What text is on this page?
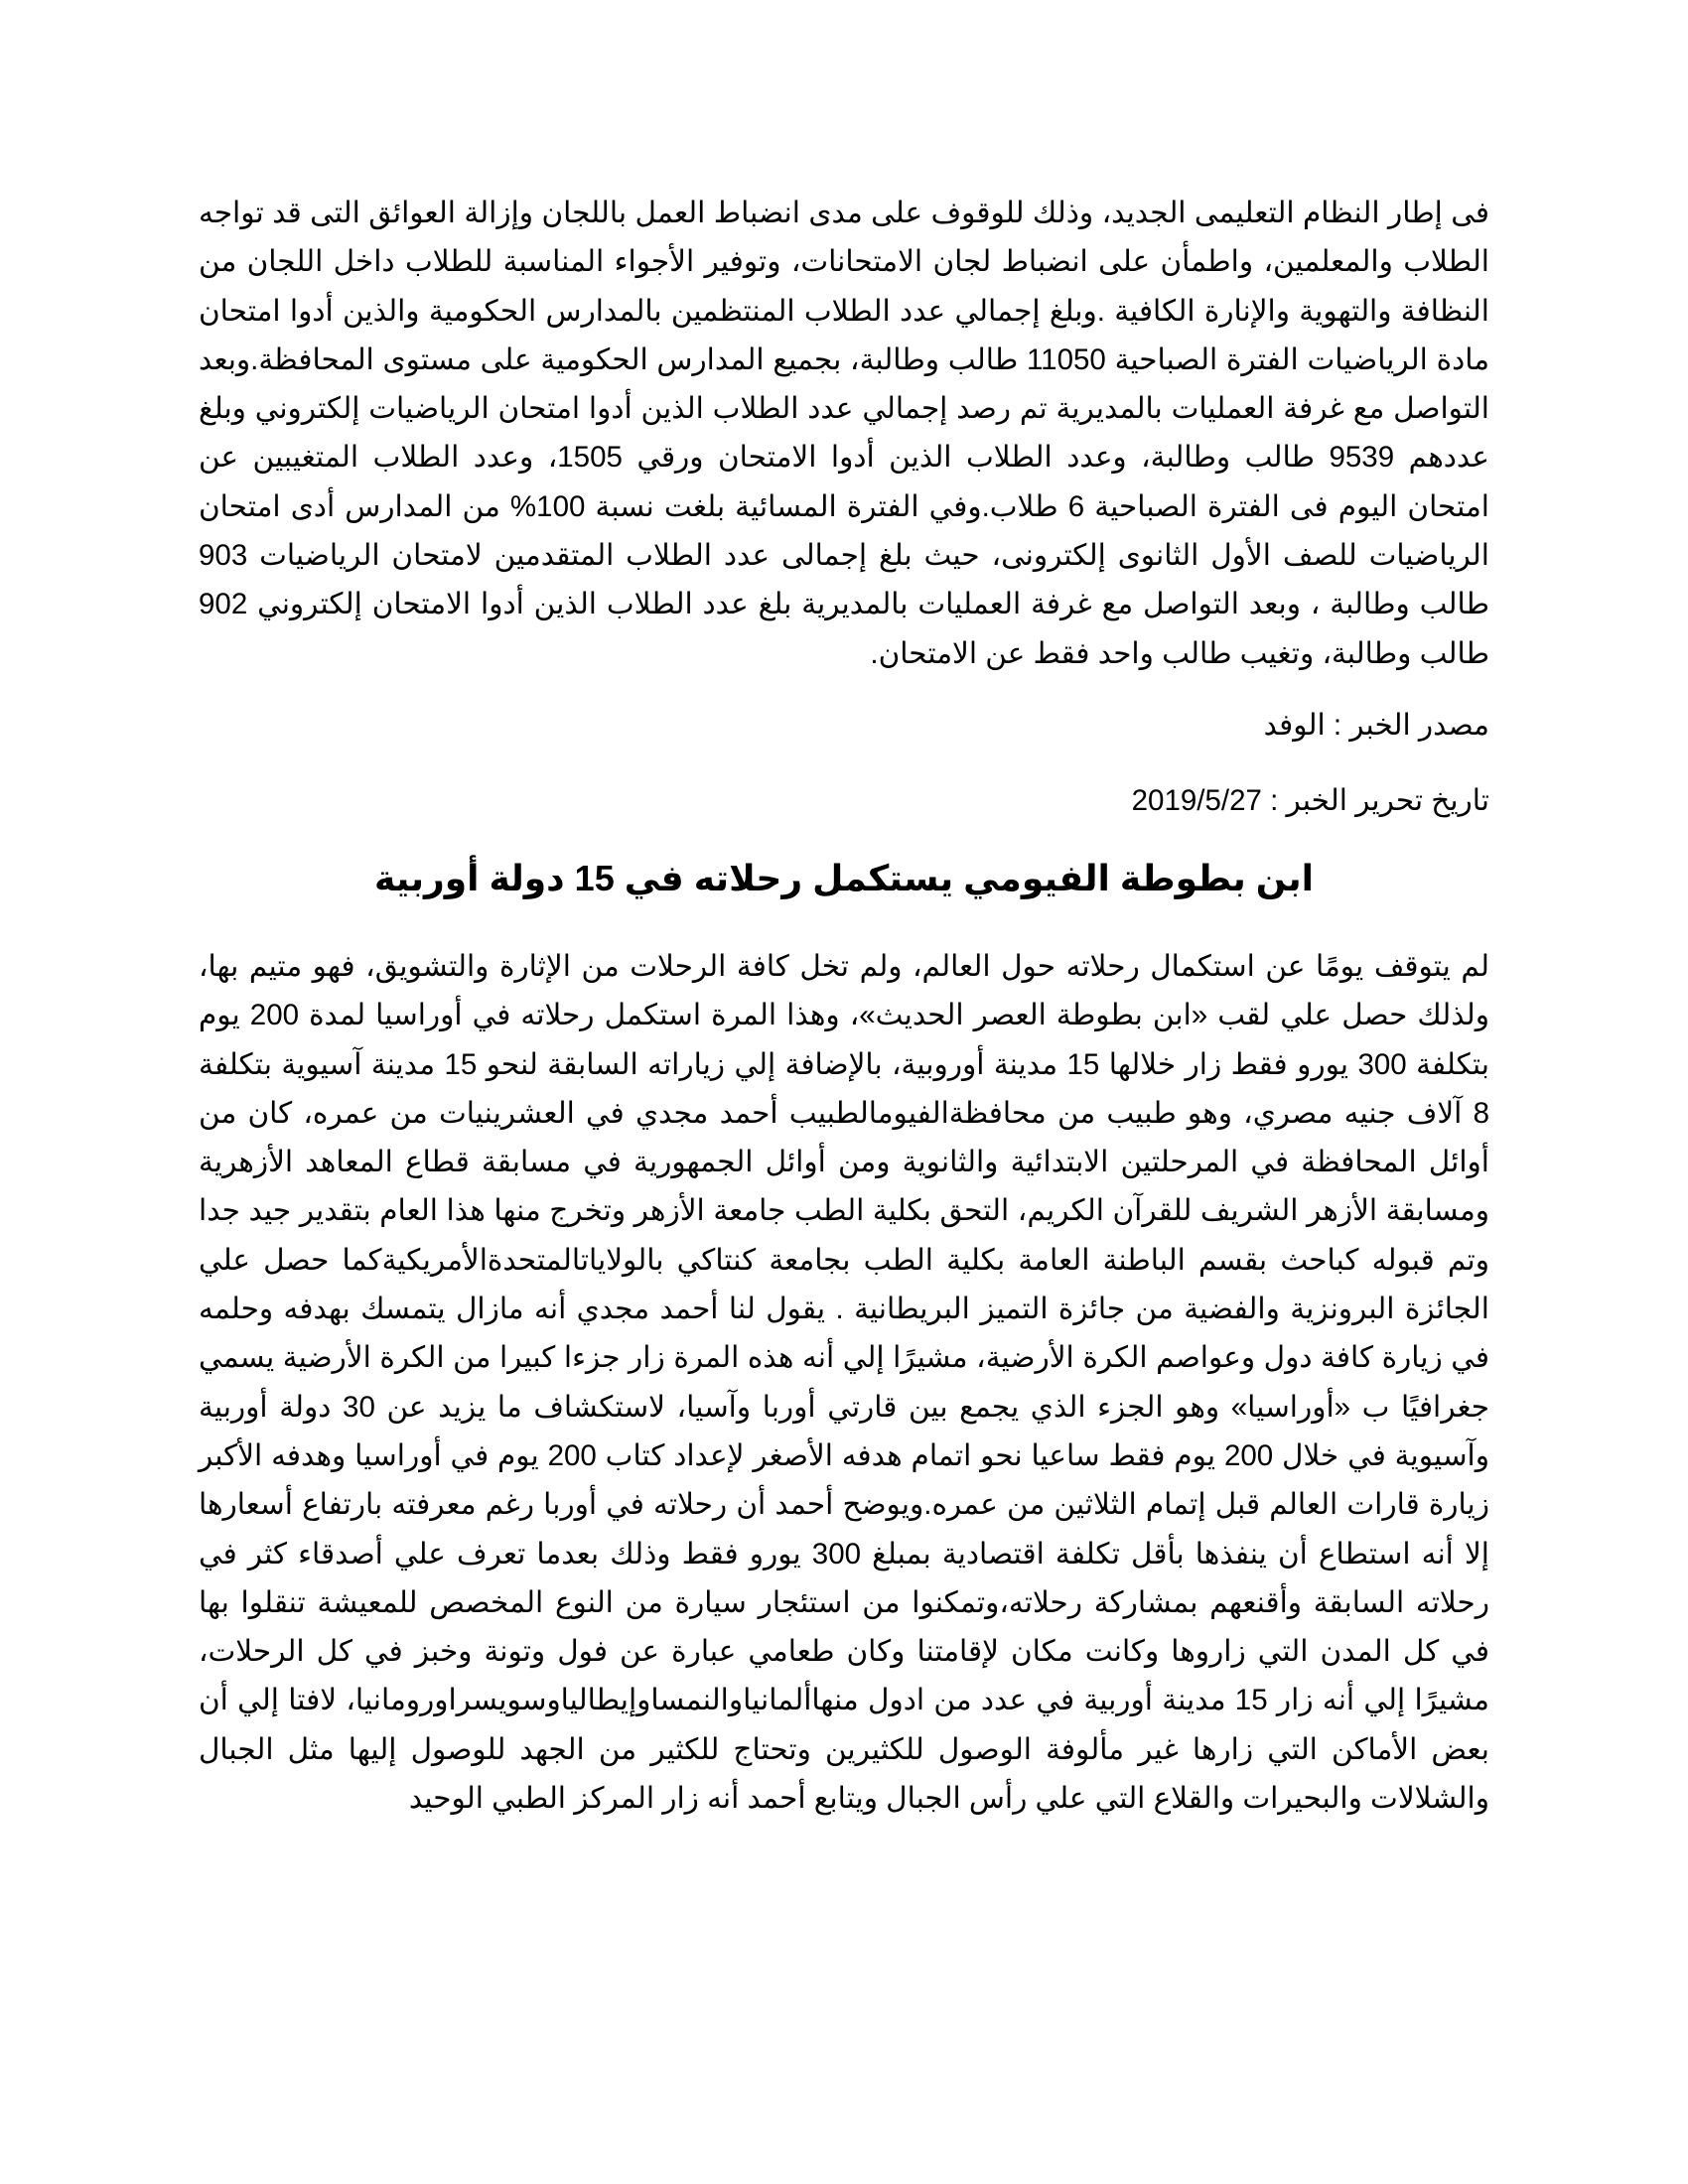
فى إطار النظام التعليمى الجديد، وذلك للوقوف على مدى انضباط العمل باللجان وإزالة العوائق التى قد تواجه الطلاب والمعلمين، واطمأن على انضباط لجان الامتحانات، وتوفير الأجواء المناسبة للطلاب داخل اللجان من النظافة والتهوية والإنارة الكافية .وبلغ إجمالي عدد الطلاب المنتظمين بالمدارس الحكومية والذين أدوا امتحان مادة الرياضيات الفترة الصباحية 11050 طالب وطالبة، بجميع المدارس الحكومية على مستوى المحافظة.وبعد التواصل مع غرفة العمليات بالمديرية تم رصد إجمالي عدد الطلاب الذين أدوا امتحان الرياضيات إلكتروني وبلغ عددهم 9539 طالب وطالبة، وعدد الطلاب الذين أدوا الامتحان ورقي 1505، وعدد الطلاب المتغيبين عن امتحان اليوم فى الفترة الصباحية 6 طلاب.وفي الفترة المسائية بلغت نسبة 100% من المدارس أدى امتحان الرياضيات للصف الأول الثانوى إلكترونى، حيث بلغ إجمالى عدد الطلاب المتقدمين لامتحان الرياضيات 903 طالب وطالبة ، وبعد التواصل مع غرفة العمليات بالمديرية بلغ عدد الطلاب الذين أدوا الامتحان إلكتروني 902 طالب وطالبة، وتغيب طالب واحد فقط عن الامتحان.

مصدر الخبر : الوفد

تاريخ تحرير الخبر : 2019/5/27

ابن بطوطة الفيومي يستكمل رحلاته في 15 دولة أوربية

لم يتوقف يومًا عن استكمال رحلاته حول العالم، ولم تخل كافة الرحلات من الإثارة والتشويق، فهو متيم بها، ولذلك حصل علي لقب «ابن بطوطة العصر الحديث»، وهذا المرة استكمل رحلاته في أوراسيا لمدة 200 يوم بتكلفة 300 يورو فقط زار خلالها 15 مدينة أوروبية، بالإضافة إلي زياراته السابقة لنحو 15 مدينة آسيوية بتكلفة 8 آلاف جنيه مصري، وهو طبيب من محافظةالفيومالطبيب أحمد مجدي في العشرينيات من عمره، كان من أوائل المحافظة في المرحلتين الابتدائية والثانوية ومن أوائل الجمهورية في مسابقة قطاع المعاهد الأزهرية ومسابقة الأزهر الشريف للقرآن الكريم، التحق بكلية الطب جامعة الأزهر وتخرج منها هذا العام بتقدير جيد جدا وتم قبوله كباحث بقسم الباطنة العامة بكلية الطب بجامعة كنتاكي بالولاياتالمتحدةالأمريكيةكما حصل علي الجائزة البرونزية والفضية من جائزة التميز البريطانية . يقول لنا أحمد مجدي أنه مازال يتمسك بهدفه وحلمه في زيارة كافة دول وعواصم الكرة الأرضية، مشيرًا إلي أنه هذه المرة زار جزءا كبيرا من الكرة الأرضية يسمي جغرافيًا ب «أوراسيا» وهو الجزء الذي يجمع بين قارتي أوربا وآسيا، لاستكشاف ما يزيد عن 30 دولة أوربية وآسيوية في خلال 200 يوم فقط ساعيا نحو اتمام هدفه الأصغر لإعداد كتاب 200 يوم في أوراسيا وهدفه الأكبر زيارة قارات العالم قبل إتمام الثلاثين من عمره.ويوضح أحمد أن رحلاته في أوربا رغم معرفته بارتفاع أسعارها إلا أنه استطاع أن ينفذها بأقل تكلفة اقتصادية بمبلغ 300 يورو فقط وذلك بعدما تعرف علي أصدقاء كثر في رحلاته السابقة وأقنعهم بمشاركة رحلاته،وتمكنوا من استئجار سيارة من النوع المخصص للمعيشة تنقلوا بها في كل المدن التي زاروها وكانت مكان لإقامتنا وكان طعامي عبارة عن فول وتونة وخبز في كل الرحلات، مشيرًا إلي أنه زار 15 مدينة أوربية في عدد من ادول منهاألمانياوالنمساوإيطالياوسويسراورومانيا، لافتا إلي أن بعض الأماكن التي زارها غير مألوفة الوصول للكثيرين وتحتاج للكثير من الجهد للوصول إليها مثل الجبال والشلالات والبحيرات والقلاع التي علي رأس الجبال ويتابع أحمد أنه زار المركز الطبي الوحيد
